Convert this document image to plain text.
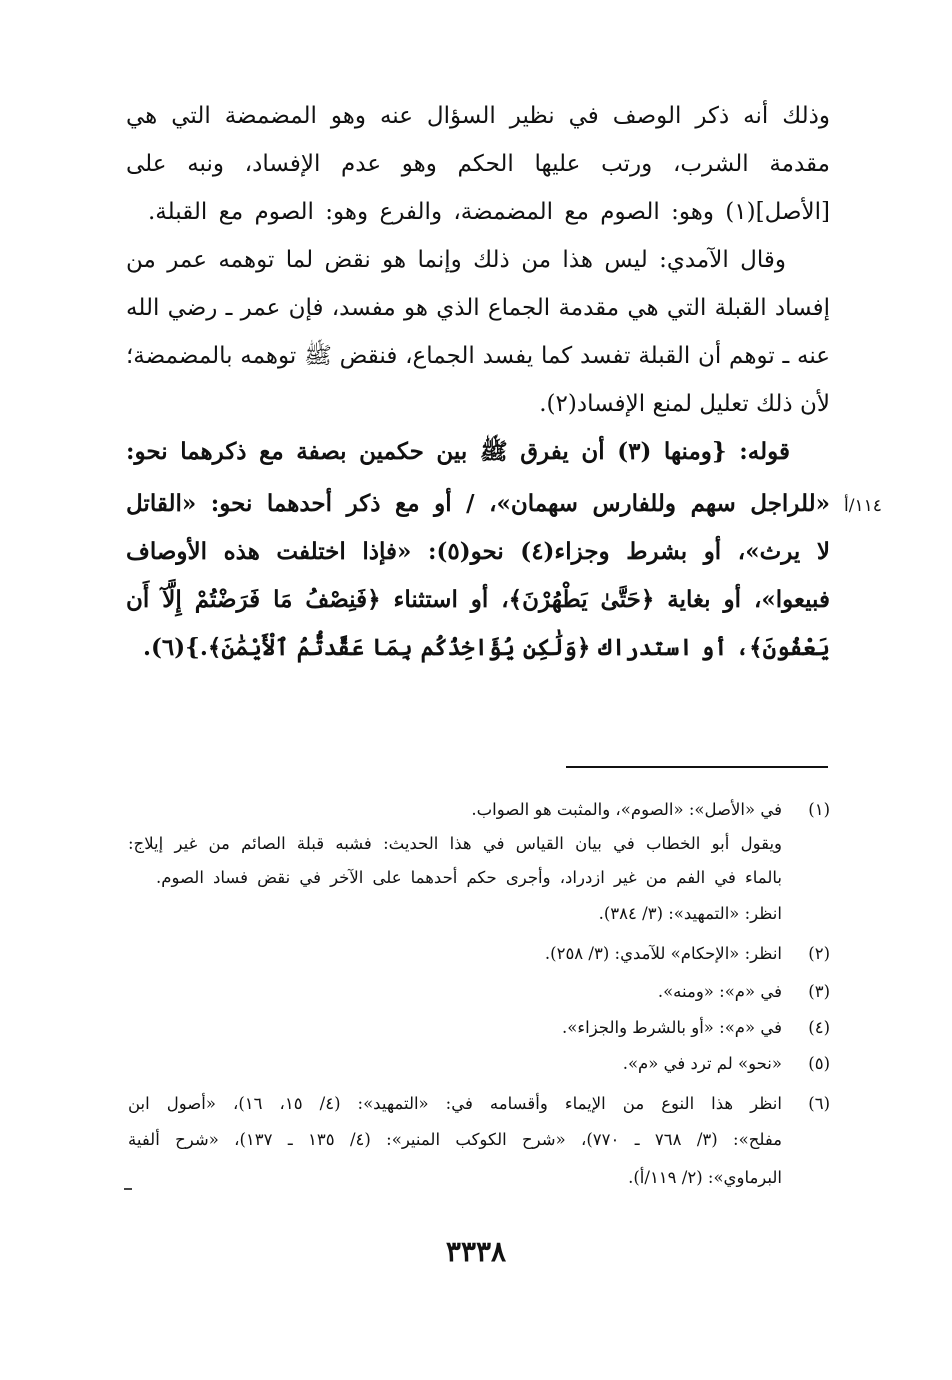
وذلك أنه ذكر الوصف في نظير السؤال عنه وهو المضمضة التي هي
مقدمة الشرب، ورتب عليها الحكم وهو عدم الإفساد، ونبه على
[الأصل](١) وهو: الصوم مع المضمضة، والفرع وهو: الصوم مع القبلة.
وقال الآمدي: ليس هذا من ذلك وإنما هو نقض لما توهمه عمر من
إفساد القبلة التي هي مقدمة الجماع الذي هو مفسد، فإن عمر ـ رضي الله
عنه ـ توهم أن القبلة تفسد كما يفسد الجماع، فنقض ﷺ توهمه بالمضمضة؛
لأن ذلك تعليل لمنع الإفساد(٢).
قوله: {ومنها (٣) أن يفرق ﷺ بين حكمين بصفة مع ذكرهما نحو:
«للراجل سهم وللفارس سهمان»، / أو مع ذكر أحدهما نحو: «القاتل ١١٤/أ
لا يرث»، أو بشرط وجزاء(٤) نحو(٥): «فإذا اختلفت هذه الأوصاف
فبيعوا»، أو بغاية ﴿حَتَّىٰ يَطْهُرْنَ﴾، أو استثناء ﴿فَنِصْفُ مَا فَرَضْتُمْ إِلَّآ أَن
يَعْفُونَ﴾، أو استدراك ﴿وَلَٰكِن يُؤَاخِذُكُم بِمَا عَقَّدتُّمُ ٱلْأَيْمَٰنَ﴾.}(٦).
(١)
في «الأصل»: «الصوم»، والمثبت هو الصواب.
ويقول أبو الخطاب في بيان القياس في هذا الحديث: فشبه قبلة الصائم من غير إيلاج:
بالماء في الفم من غير ازدراد، وأجرى حكم أحدهما على الآخر في نقض فساد الصوم.
انظر: «التمهيد»: (٣/ ٣٨٤).
(٢)
انظر: «الإحكام» للآمدي: (٣/ ٢٥٨).
(٣)
في «م»: «ومنه».
(٤)
في «م»: «أو بالشرط والجزاء».
(٥)
«نحو» لم ترد في «م».
(٦)
انظر هذا النوع من الإيماء وأقسامه في: «التمهيد»: (٤/ ١٥، ١٦)، «أصول ابن
مفلح»: (٣/ ٧٦٨ ـ ٧٧٠)، «شرح الكوكب المنير»: (٤/ ١٣٥ ـ ١٣٧)، «شرح ألفية
البرماوي»: (٢/ ١١٩/أ).
٣٣٣٨
